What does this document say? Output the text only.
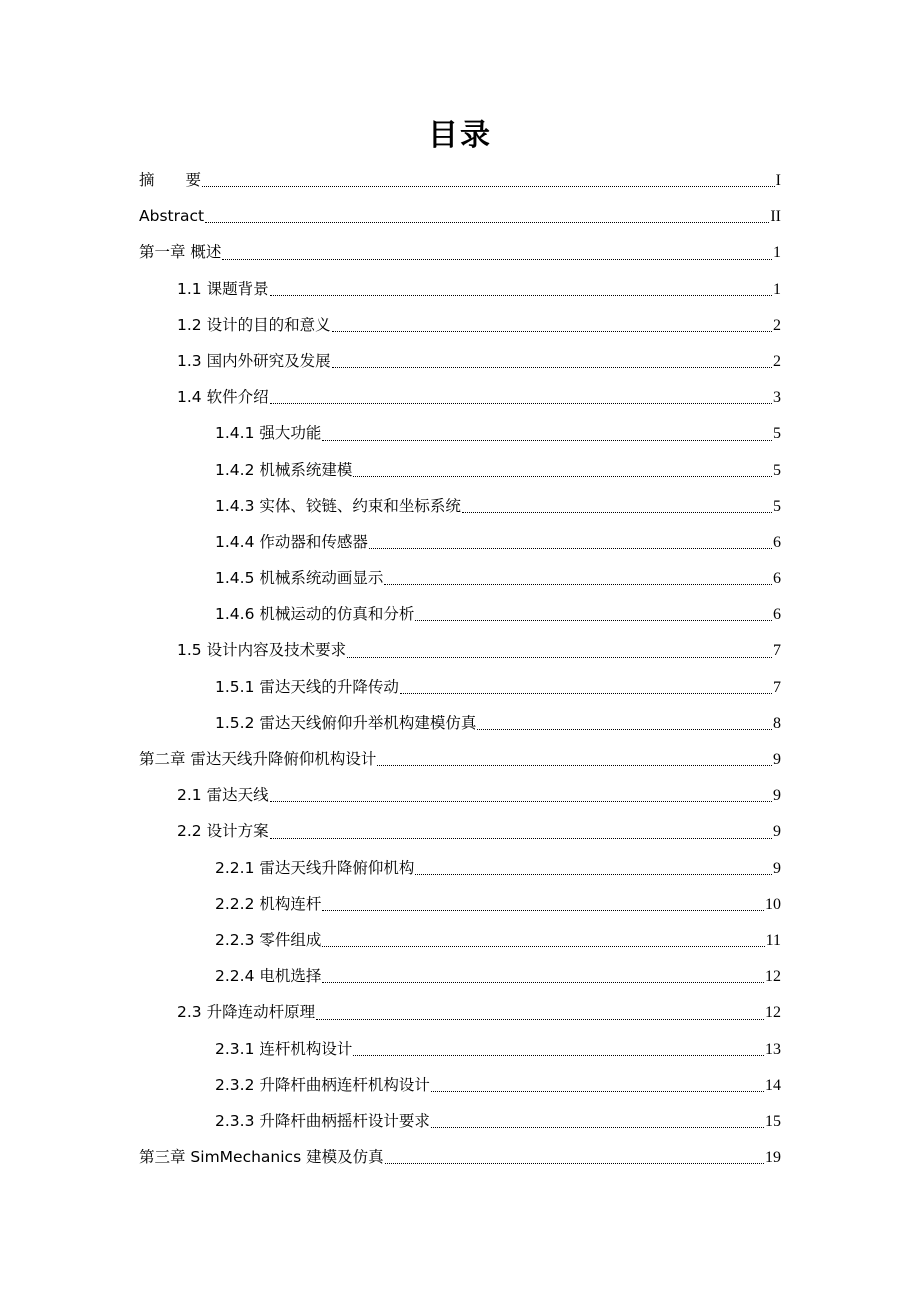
目录
摘　　要	I
Abstract	II
第一章 概述	1
1.1 课题背景	1
1.2 设计的目的和意义	2
1.3 国内外研究及发展	2
1.4 软件介绍	3
1.4.1 强大功能	5
1.4.2 机械系统建模	5
1.4.3 实体、铰链、约束和坐标系统	5
1.4.4 作动器和传感器	6
1.4.5 机械系统动画显示	6
1.4.6 机械运动的仿真和分析	6
1.5 设计内容及技术要求	7
1.5.1 雷达天线的升降传动	7
1.5.2 雷达天线俯仰升举机构建模仿真	8
第二章 雷达天线升降俯仰机构设计	9
2.1 雷达天线	9
2.2 设计方案	9
2.2.1 雷达天线升降俯仰机构	9
2.2.2 机构连杆	10
2.2.3 零件组成	11
2.2.4 电机选择	12
2.3 升降连动杆原理	12
2.3.1 连杆机构设计	13
2.3.2 升降杆曲柄连杆机构设计	14
2.3.3 升降杆曲柄摇杆设计要求	15
第三章 SimMechanics 建模及仿真	19
